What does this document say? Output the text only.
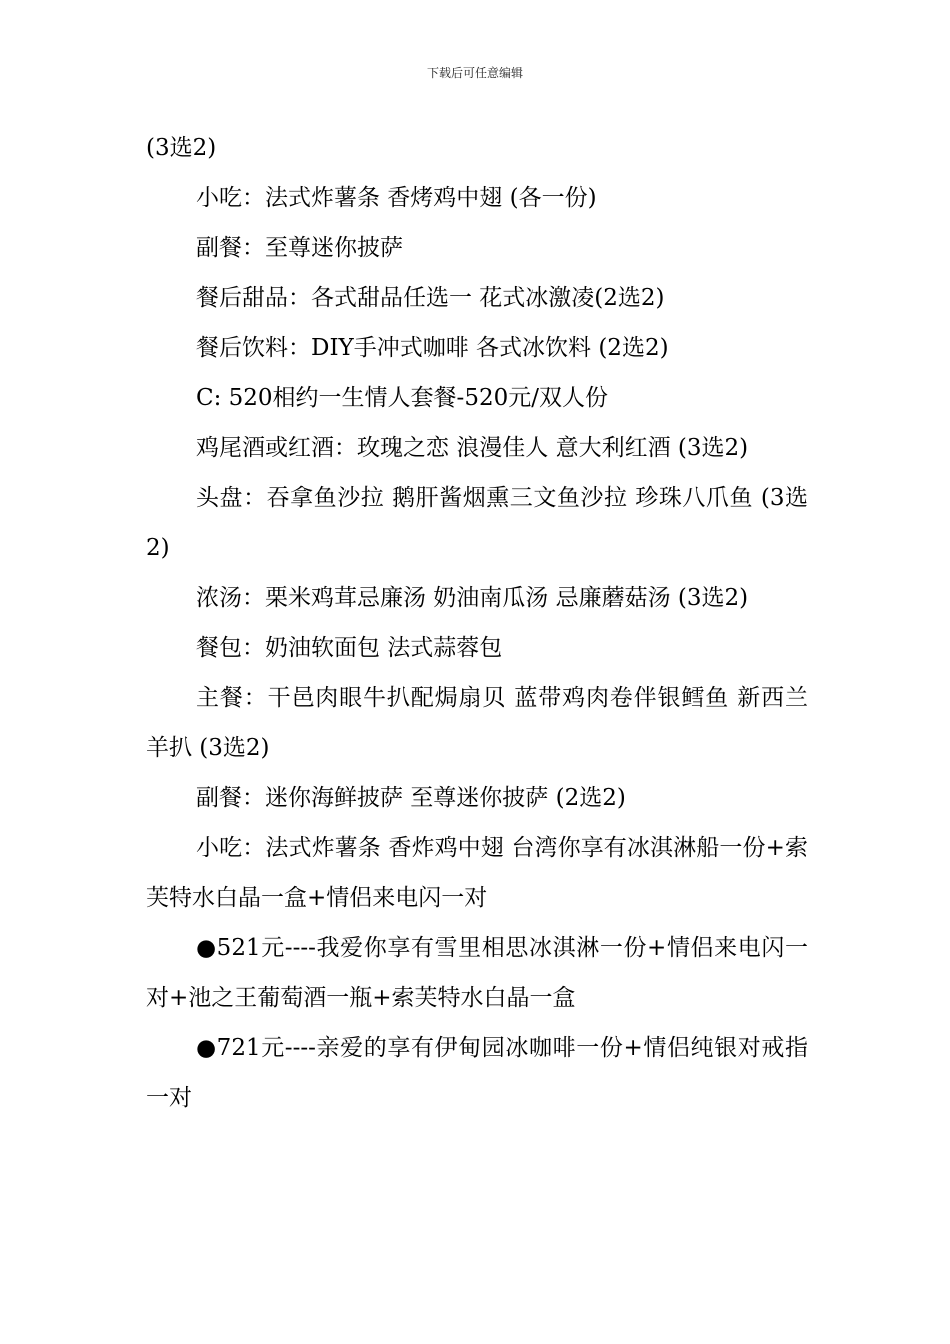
下载后可任意编辑

(3选2)

小吃：法式炸薯条 香烤鸡中翅 (各一份)

副餐：至尊迷你披萨

餐后甜品：各式甜品任选一 花式冰激凌(2选2)

餐后饮料：DIY手冲式咖啡 各式冰饮料 (2选2)

C: 520相约一生情人套餐-520元/双人份

鸡尾酒或红酒：玫瑰之恋 浪漫佳人 意大利红酒 (3选2)

头盘：吞拿鱼沙拉 鹅肝酱烟熏三文鱼沙拉 珍珠八爪鱼 (3选2)

浓汤：栗米鸡茸忌廉汤 奶油南瓜汤 忌廉蘑菇汤 (3选2)

餐包：奶油软面包 法式蒜蓉包

主餐：干邑肉眼牛扒配焗扇贝 蓝带鸡肉卷伴银鳕鱼 新西兰羊扒 (3选2)

副餐：迷你海鲜披萨 至尊迷你披萨 (2选2)

小吃：法式炸薯条 香炸鸡中翅 台湾你享有冰淇淋船一份+索芙特水白晶一盒+情侣来电闪一对

●521元----我爱你享有雪里相思冰淇淋一份+情侣来电闪一对+池之王葡萄酒一瓶+索芙特水白晶一盒

●721元----亲爱的享有伊甸园冰咖啡一份+情侣纯银对戒指一对
